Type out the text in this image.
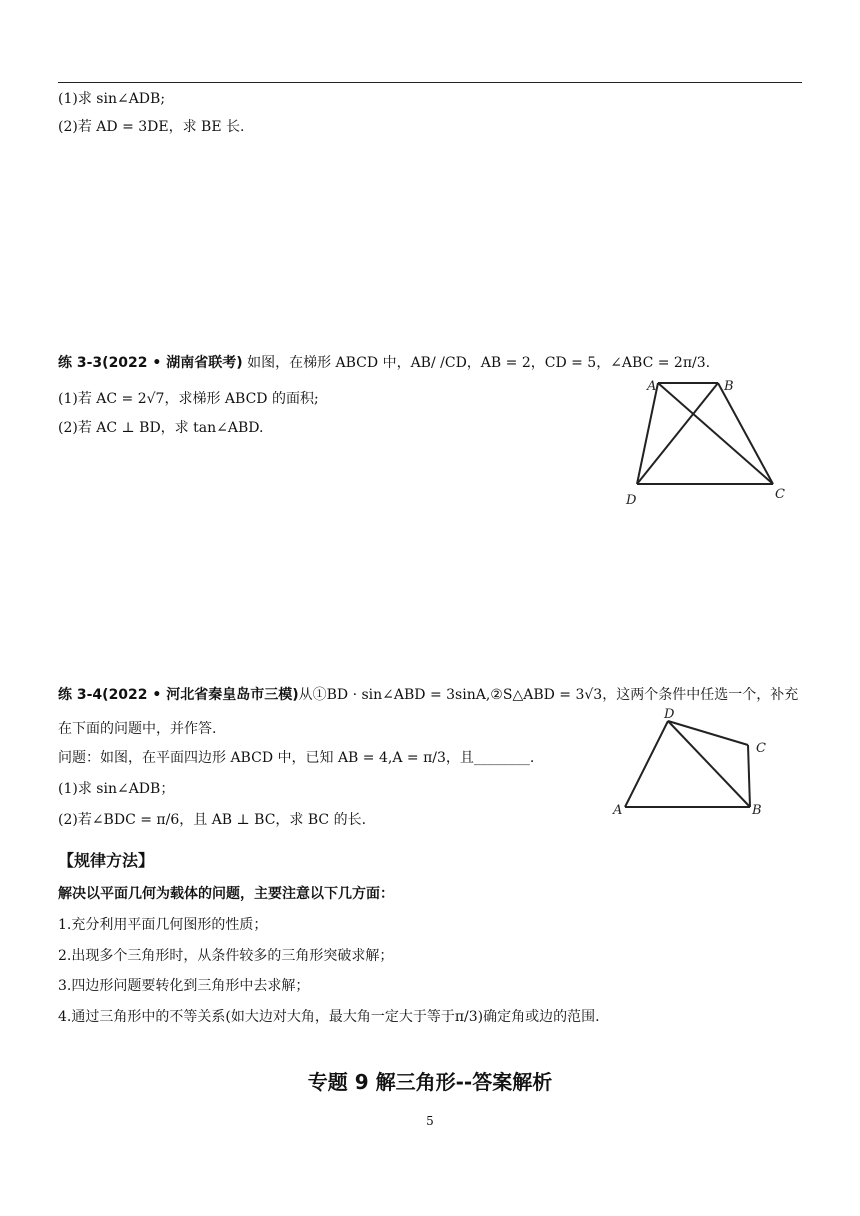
(1)求 sin∠ADB;
(2)若 AD = 3DE，求 BE 长.
练 3-3(2022 • 湖南省联考) 如图，在梯形 ABCD 中，AB/ /CD，AB = 2，CD = 5，∠ABC = 2π/3.
(1)若 AC = 2√7，求梯形 ABCD 的面积;
(2)若 AC ⊥ BD，求 tan∠ABD.
A	B
C
D
练 3-4(2022 • 河北省秦皇岛市三模)从①BD · sin∠ABD = 3sinA,②S△ABD = 3√3，这两个条件中任选一个，补充
在下面的问题中，并作答.
问题：如图，在平面四边形 ABCD 中，已知 AB = 4,A = π/3，且________.
(1)求 sin∠ADB；
(2)若∠BDC = π/6，且 AB ⊥ BC，求 BC 的长.
A	B
C
D
【规律方法】
解决以平面几何为载体的问题，主要注意以下几方面：
1.充分利用平面几何图形的性质；
2.出现多个三角形时，从条件较多的三角形突破求解；
3.四边形问题要转化到三角形中去求解；
4.通过三角形中的不等关系(如大边对大角，最大角一定大于等于π/3)确定角或边的范围.
专题 9 解三角形--答案解析
5
